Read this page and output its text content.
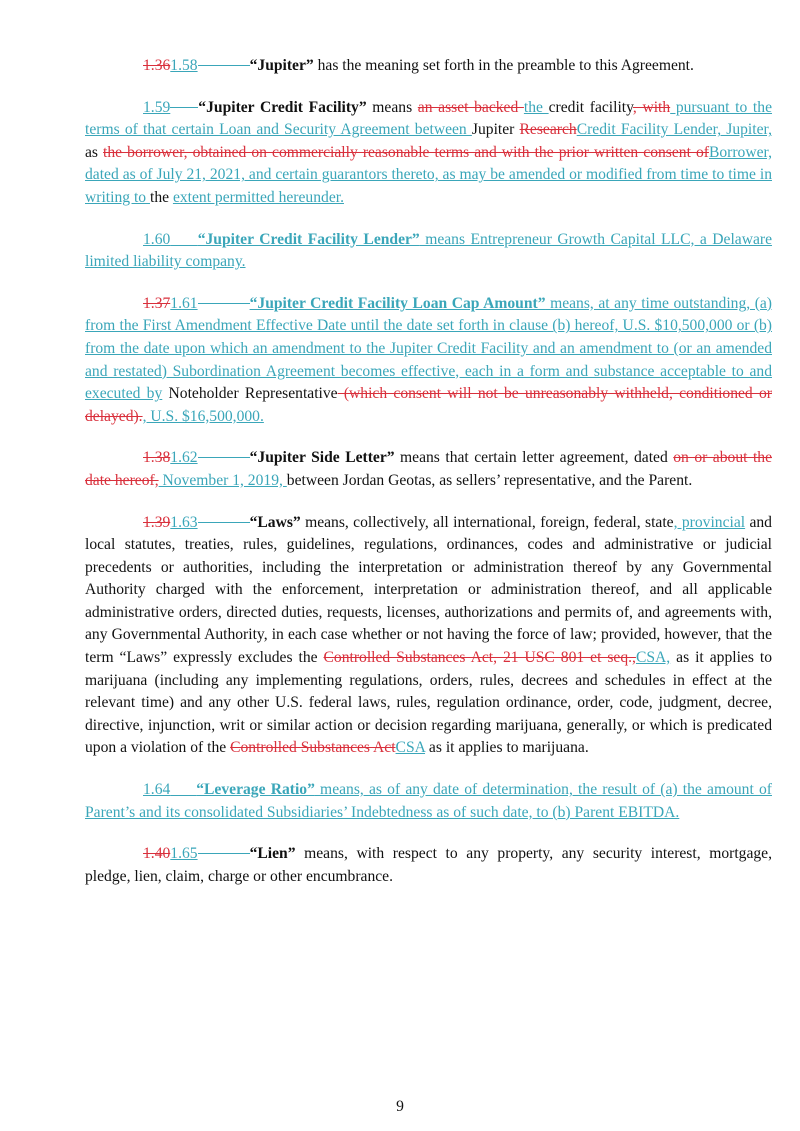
1.361.58	“Jupiter” has the meaning set forth in the preamble to this Agreement.

1.59 “Jupiter Credit Facility” means an asset backed the credit facility, with pursuant to the terms of that certain Loan and Security Agreement between Jupiter ResearchCredit Facility Lender, Jupiter, as the borrower, obtained on commercially reasonable terms and with the prior written consent ofBorrower, dated as of July 21, 2021, and certain guarantors thereto, as may be amended or modified from time to time in writing to the extent permitted hereunder.

1.60 “Jupiter Credit Facility Lender” means Entrepreneur Growth Capital LLC, a Delaware limited liability company.

1.371.61	“Jupiter Credit Facility Loan Cap Amount” means, at any time outstanding, (a) from the First Amendment Effective Date until the date set forth in clause (b) hereof, U.S. $10,500,000 or (b) from the date upon which an amendment to the Jupiter Credit Facility and an amendment to (or an amended and restated) Subordination Agreement becomes effective, each in a form and substance acceptable to and executed by Noteholder Representative (which consent will not be unreasonably withheld, conditioned or delayed)., U.S. $16,500,000.

1.381.62	“Jupiter Side Letter” means that certain letter agreement, dated on or about the date hereof, November 1, 2019, between Jordan Geotas, as sellers’ representative, and the Parent.

1.391.63	“Laws” means, collectively, all international, foreign, federal, state, provincial and local statutes, treaties, rules, guidelines, regulations, ordinances, codes and administrative or judicial precedents or authorities, including the interpretation or administration thereof by any Governmental Authority charged with the enforcement, interpretation or administration thereof, and all applicable administrative orders, directed duties, requests, licenses, authorizations and permits of, and agreements with, any Governmental Authority, in each case whether or not having the force of law; provided, however, that the term “Laws” expressly excludes the Controlled Substances Act, 21 USC 801 et seq.,CSA, as it applies to marijuana (including any implementing regulations, orders, rules, decrees and schedules in effect at the relevant time) and any other U.S. federal laws, rules, regulation ordinance, order, code, judgment, decree, directive, injunction, writ or similar action or decision regarding marijuana, generally, or which is predicated upon a violation of the Controlled Substances ActCSA as it applies to marijuana.

1.64 “Leverage Ratio” means, as of any date of determination, the result of (a) the amount of Parent’s and its consolidated Subsidiaries’ Indebtedness as of such date, to (b) Parent EBITDA.

1.401.65	“Lien” means, with respect to any property, any security interest, mortgage, pledge, lien, claim, charge or other encumbrance.

9
